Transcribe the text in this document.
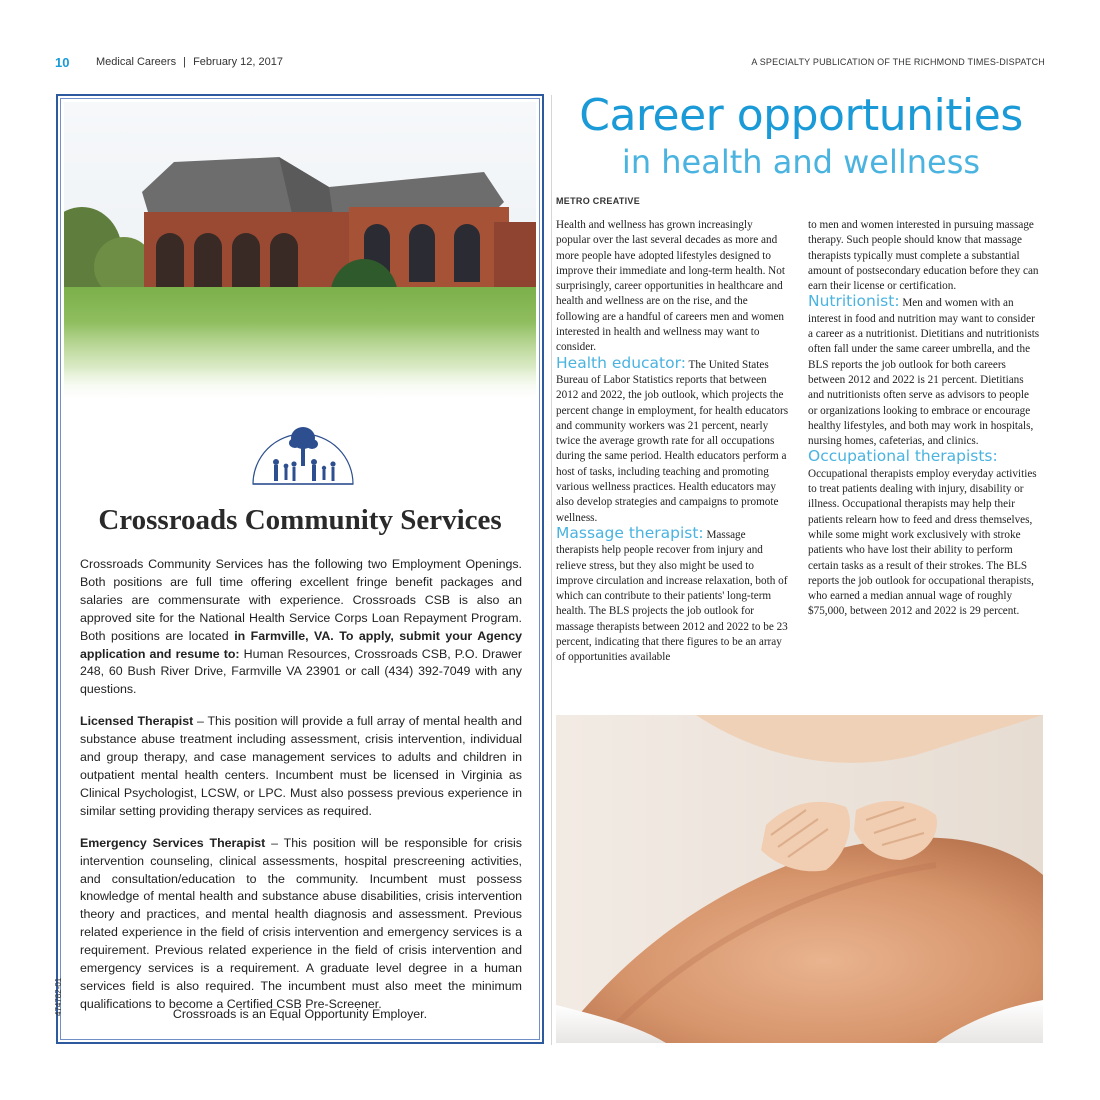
10 Medical Careers | February 12, 2017	A SPECIALTY PUBLICATION OF THE RICHMOND TIMES-DISPATCH
Crossroads Community Services

Crossroads Community Services has the following two Employment Openings. Both positions are full time offering excellent fringe benefit packages and salaries are commensurate with experience. Crossroads CSB is also an approved site for the National Health Service Corps Loan Repayment Program. Both positions are located in Farmville, VA. To apply, submit your Agency application and resume to: Human Resources, Crossroads CSB, P.O. Drawer 248, 60 Bush River Drive, Farmville VA 23901 or call (434) 392-7049 with any questions.

Licensed Therapist – This position will provide a full array of mental health and substance abuse treatment including assessment, crisis intervention, individual and group therapy, and case management services to adults and children in outpatient mental health centers. Incumbent must be licensed in Virginia as Clinical Psychologist, LCSW, or LPC. Must also possess previous experience in similar setting providing therapy services as required.

Emergency Services Therapist – This position will be responsible for crisis intervention counseling, clinical assessments, hospital prescreening activities, and consultation/education to the community. Incumbent must possess knowledge of mental health and substance abuse disabilities, crisis intervention theory and practices, and mental health diagnosis and assessment. Previous related experience in the field of crisis intervention and emergency services is a requirement. Previous related experience in the field of crisis intervention and emergency services is a requirement. A graduate level degree in a human services field is also required. The incumbent must also meet the minimum qualifications to become a Certified CSB Pre-Screener.

Crossroads is an Equal Opportunity Employer.
474782-01
Career opportunities
in health and wellness
METRO CREATIVE

Health and wellness has grown increasingly popular over the last several decades as more and more people have adopted lifestyles designed to improve their immediate and long-term health. Not surprisingly, career opportunities in healthcare and health and wellness are on the rise, and the following are a handful of careers men and women interested in health and wellness may want to consider.

Health educator: The United States Bureau of Labor Statistics reports that between 2012 and 2022, the job outlook, which projects the percent change in employment, for health educators and community workers was 21 percent, nearly twice the average growth rate for all occupations during the same period. Health educators perform a host of tasks, including teaching and promoting various wellness practices. Health educators may also develop strategies and campaigns to promote wellness.

Massage therapist: Massage therapists help people recover from injury and relieve stress, but they also might be used to improve circulation and increase relaxation, both of which can contribute to their patients' long-term health. The BLS projects the job outlook for massage therapists between 2012 and 2022 to be 23 percent, indicating that there figures to be an array of opportunities available

to men and women interested in pursuing massage therapy. Such people should know that massage therapists typically must complete a substantial amount of postsecondary education before they can earn their license or certification.

Nutritionist: Men and women with an interest in food and nutrition may want to consider a career as a nutritionist. Dietitians and nutritionists often fall under the same career umbrella, and the BLS reports the job outlook for both careers between 2012 and 2022 is 21 percent. Dietitians and nutritionists often serve as advisors to people or organizations looking to embrace or encourage healthy lifestyles, and both may work in hospitals, nursing homes, cafeterias, and clinics.

Occupational therapists:
Occupational therapists employ everyday activities to treat patients dealing with injury, disability or illness. Occupational therapists may help their patients relearn how to feed and dress themselves, while some might work exclusively with stroke patients who have lost their ability to perform certain tasks as a result of their strokes. The BLS reports the job outlook for occupational therapists, who earned a median annual wage of roughly $75,000, between 2012 and 2022 is 29 percent.
